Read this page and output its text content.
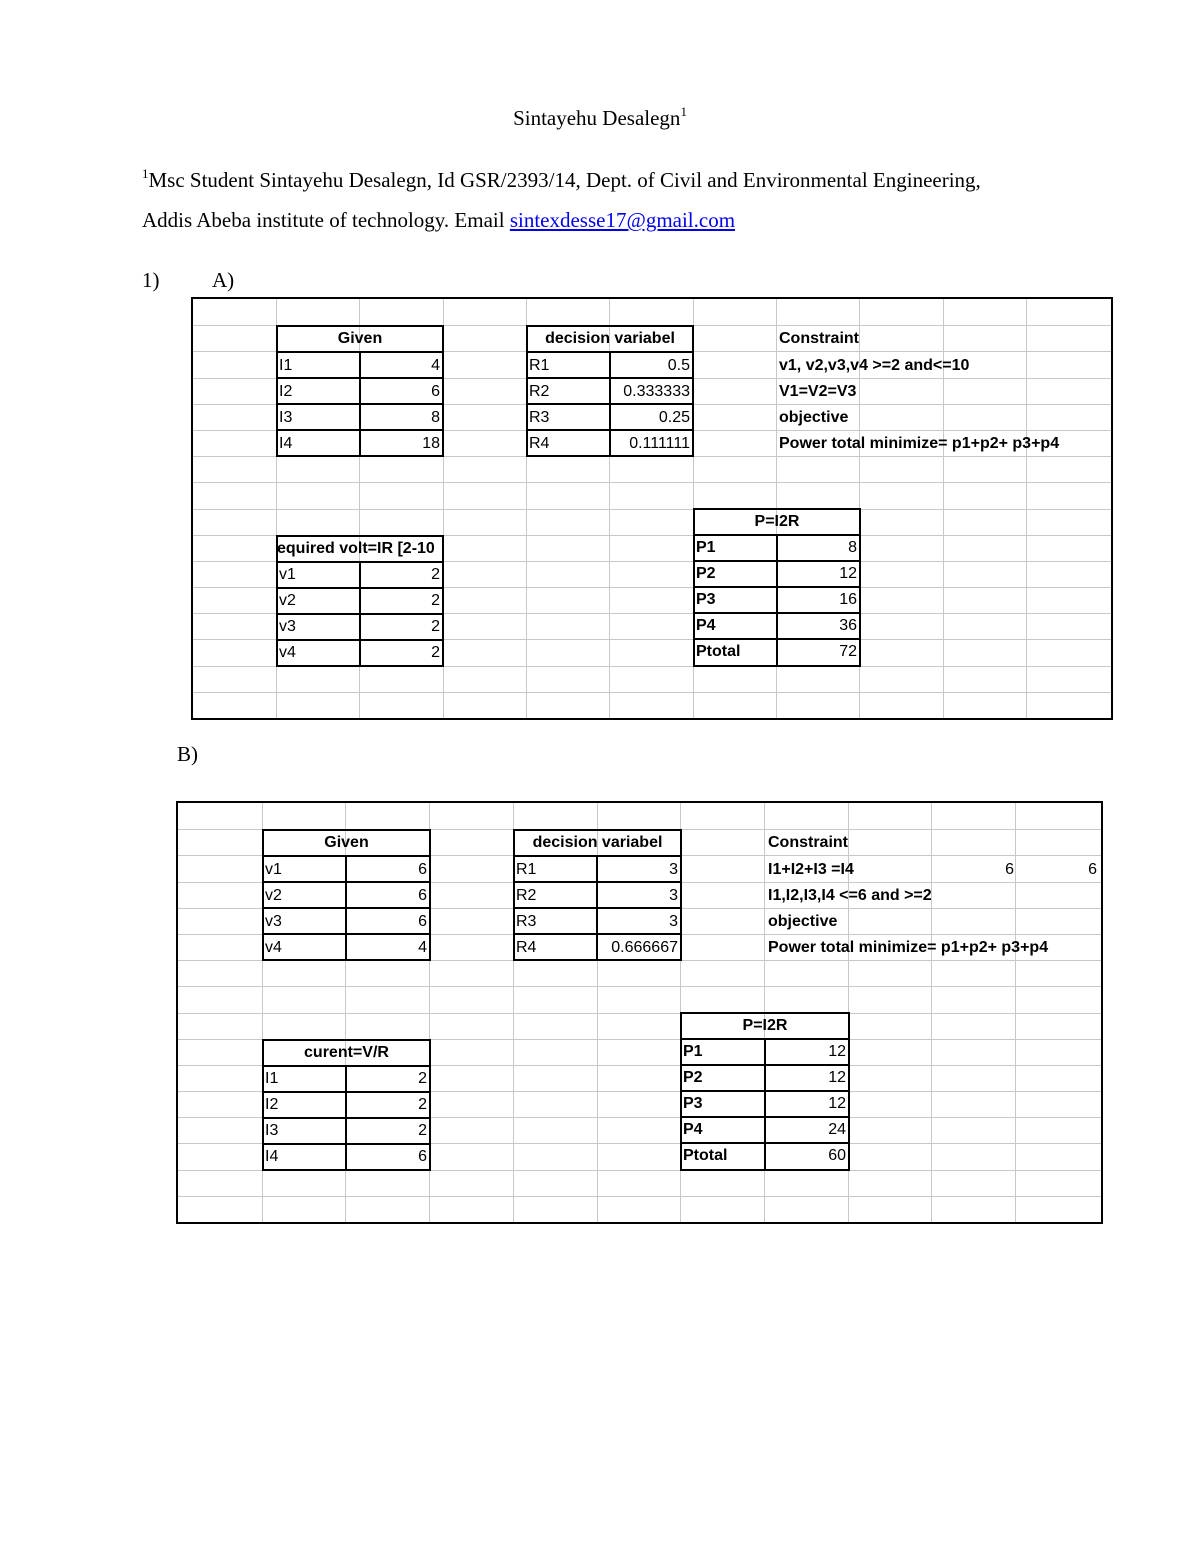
Sintayehu Desalegn$^1$
$^1$Msc Student Sintayehu Desalegn, Id GSR/2393/14, Dept. of Civil and Environmental Engineering,
Addis Abeba institute of technology. Email sintexdesse17@gmail.com
1)	A)
B)
Given
I1	4
I2	6
I3	8
I4	18
decision variabel
R1	0.5
R2	0.333333
R3	0.25
R4	0.111111
Constraint
v1, v2,v3,v4 >=2 and<=10
V1=V2=V3
objective
Power total minimize= p1+p2+ p3+p4
equired volt=IR [2-10
v1	2
v2	2
v3	2
v4	2
P=I2R
P1	8
P2	12
P3	16
P4	36
Ptotal	72
Given
v1	6
v2	6
v3	6
v4	4
decision variabel
R1	3
R2	3
R3	3
R4	0.666667
Constraint
I1+I2+I3 =I4	6	6
I1,I2,I3,I4 <=6 and >=2
objective
Power total minimize= p1+p2+ p3+p4
curent=V/R
I1	2
I2	2
I3	2
I4	6
P=I2R
P1	12
P2	12
P3	12
P4	24
Ptotal	60
